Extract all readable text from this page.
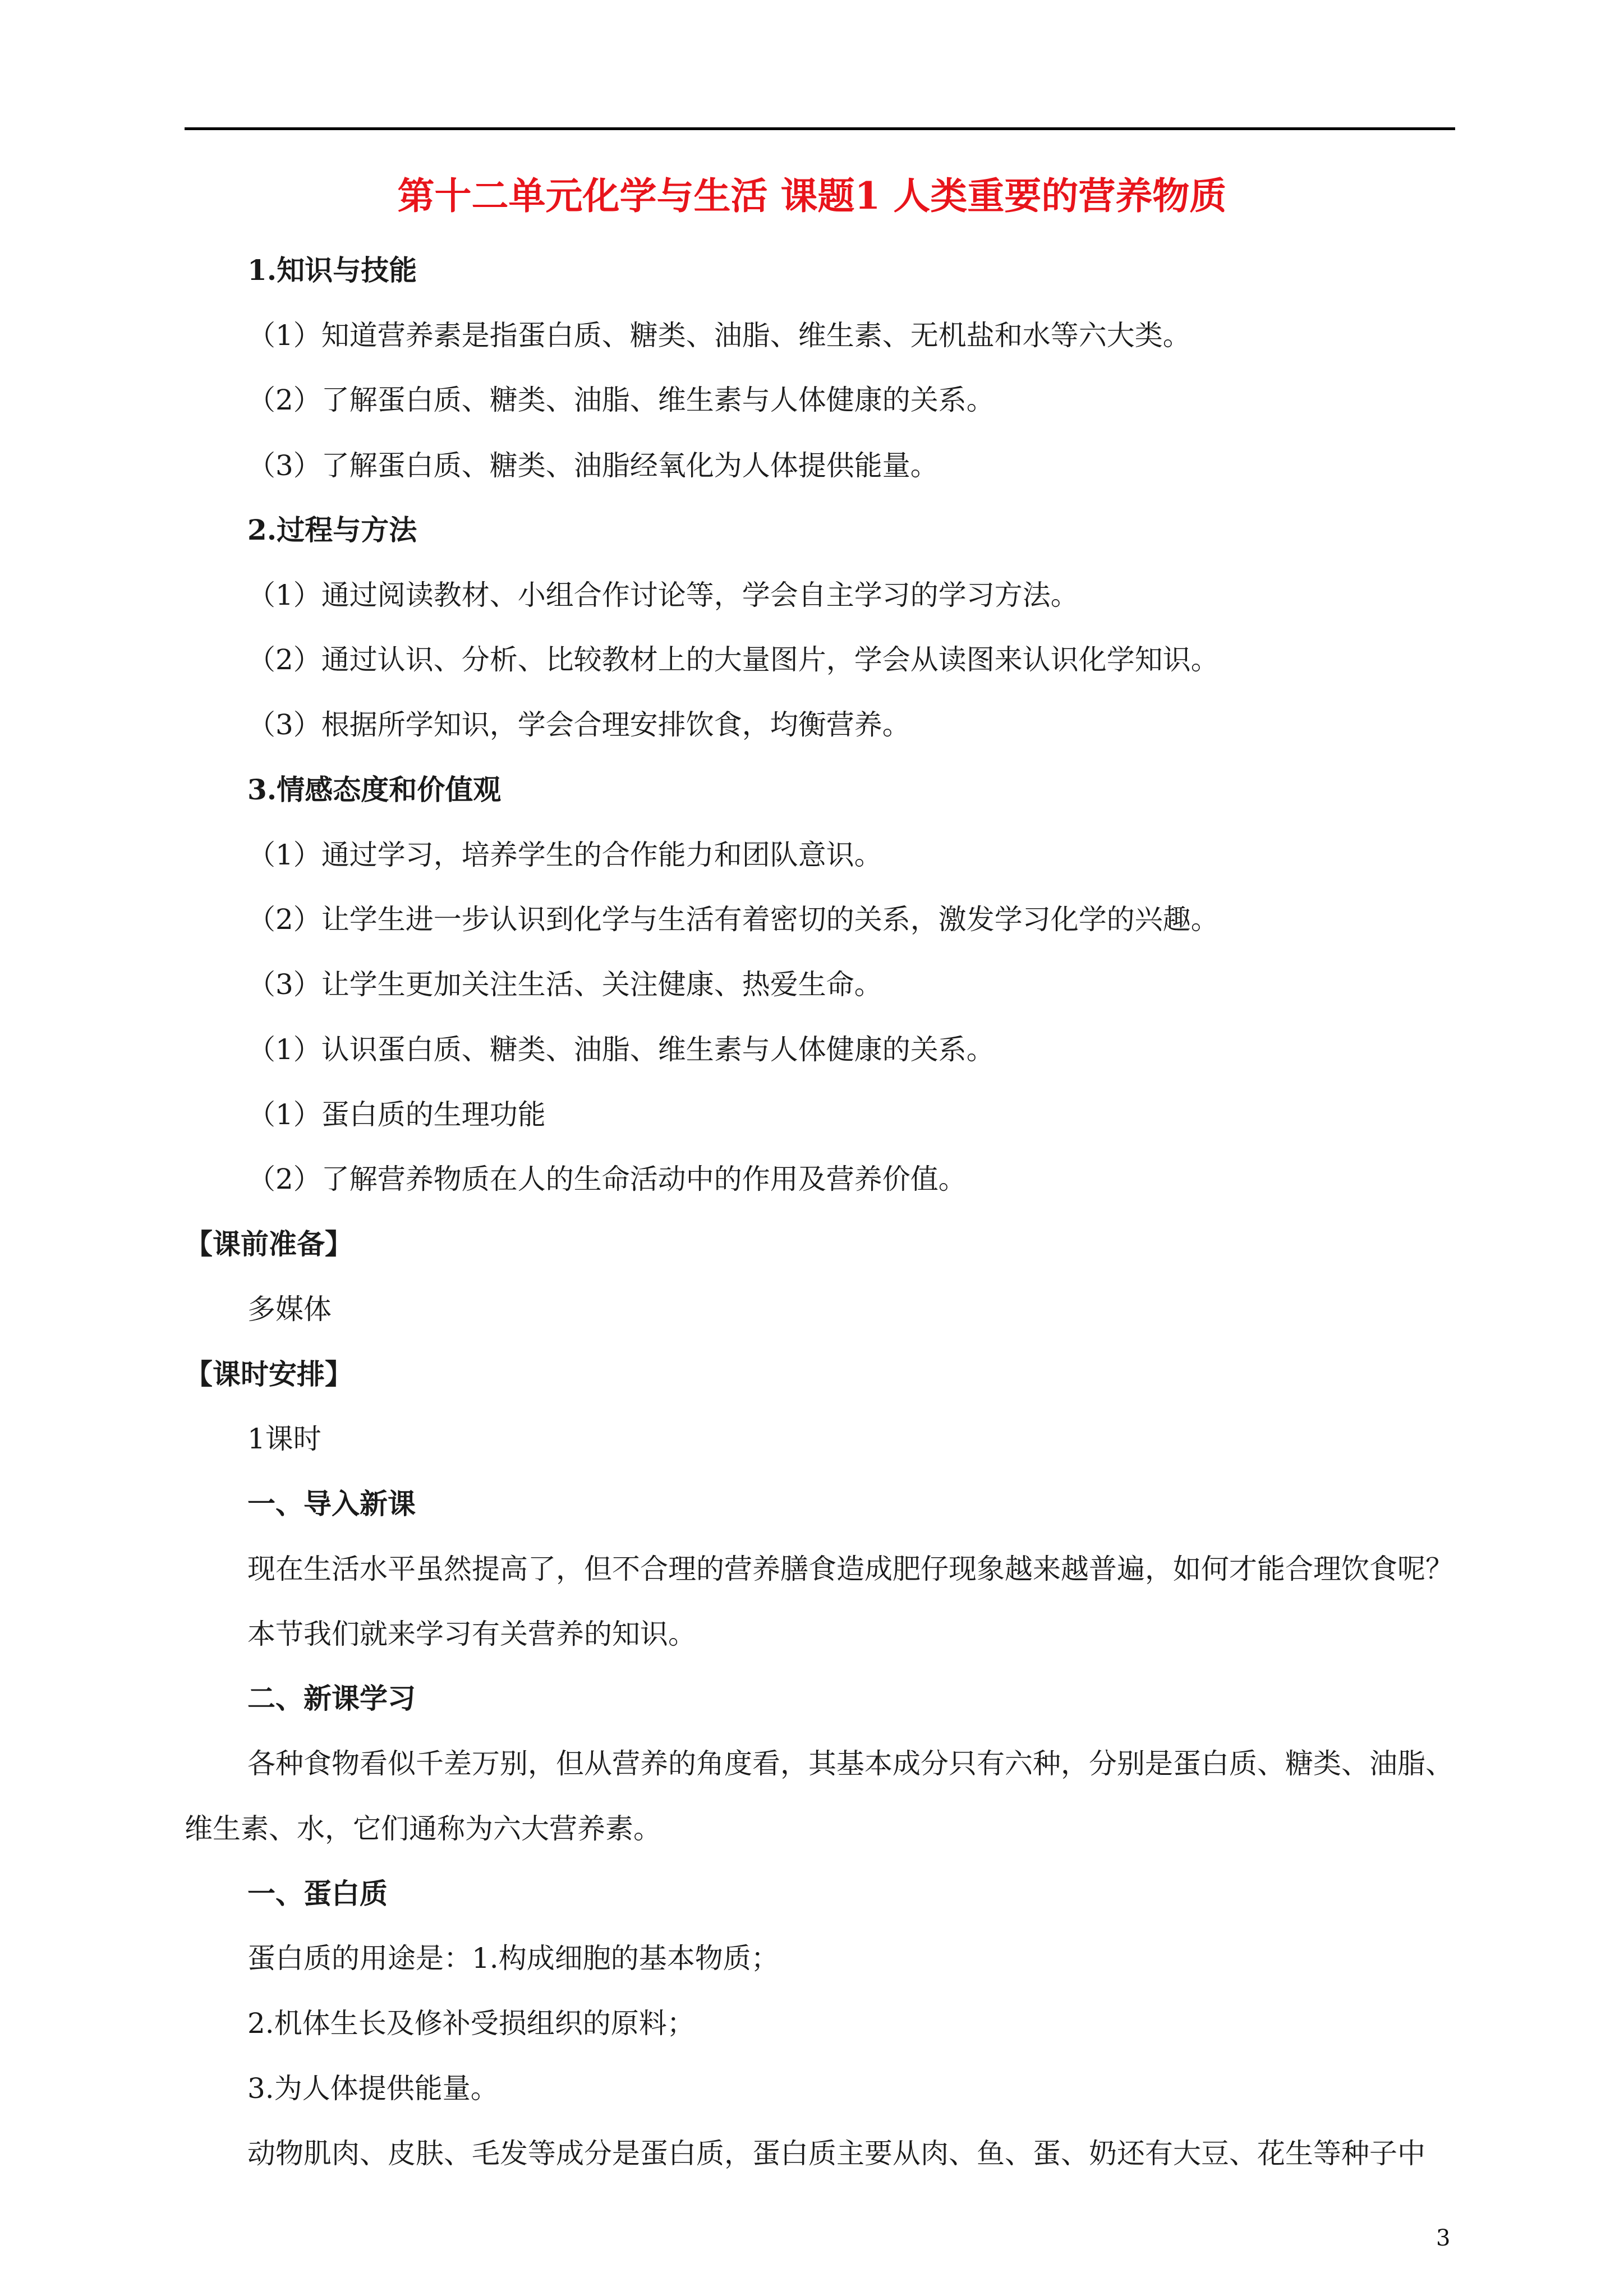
第十二单元化学与生活 课题1 人类重要的营养物质
1.知识与技能
（1）知道营养素是指蛋白质、糖类、油脂、维生素、无机盐和水等六大类。
（2）了解蛋白质、糖类、油脂、维生素与人体健康的关系。
（3）了解蛋白质、糖类、油脂经氧化为人体提供能量。
2.过程与方法
（1）通过阅读教材、小组合作讨论等，学会自主学习的学习方法。
（2）通过认识、分析、比较教材上的大量图片，学会从读图来认识化学知识。
（3）根据所学知识，学会合理安排饮食，均衡营养。
3.情感态度和价值观
（1）通过学习，培养学生的合作能力和团队意识。
（2）让学生进一步认识到化学与生活有着密切的关系，激发学习化学的兴趣。
（3）让学生更加关注生活、关注健康、热爱生命。
（1）认识蛋白质、糖类、油脂、维生素与人体健康的关系。
（1）蛋白质的生理功能
（2）了解营养物质在人的生命活动中的作用及营养价值。
【课前准备】
多媒体
【课时安排】
1课时
一、导入新课
现在生活水平虽然提高了，但不合理的营养膳食造成肥仔现象越来越普遍，如何才能合理饮食呢？
本节我们就来学习有关营养的知识。
二、新课学习
各种食物看似千差万别，但从营养的角度看，其基本成分只有六种，分别是蛋白质、糖类、油脂、
维生素、水，它们通称为六大营养素。
一、蛋白质
蛋白质的用途是：1.构成细胞的基本物质；
2.机体生长及修补受损组织的原料；
3.为人体提供能量。
动物肌肉、皮肤、毛发等成分是蛋白质，蛋白质主要从肉、鱼、蛋、奶还有大豆、花生等种子中
3
